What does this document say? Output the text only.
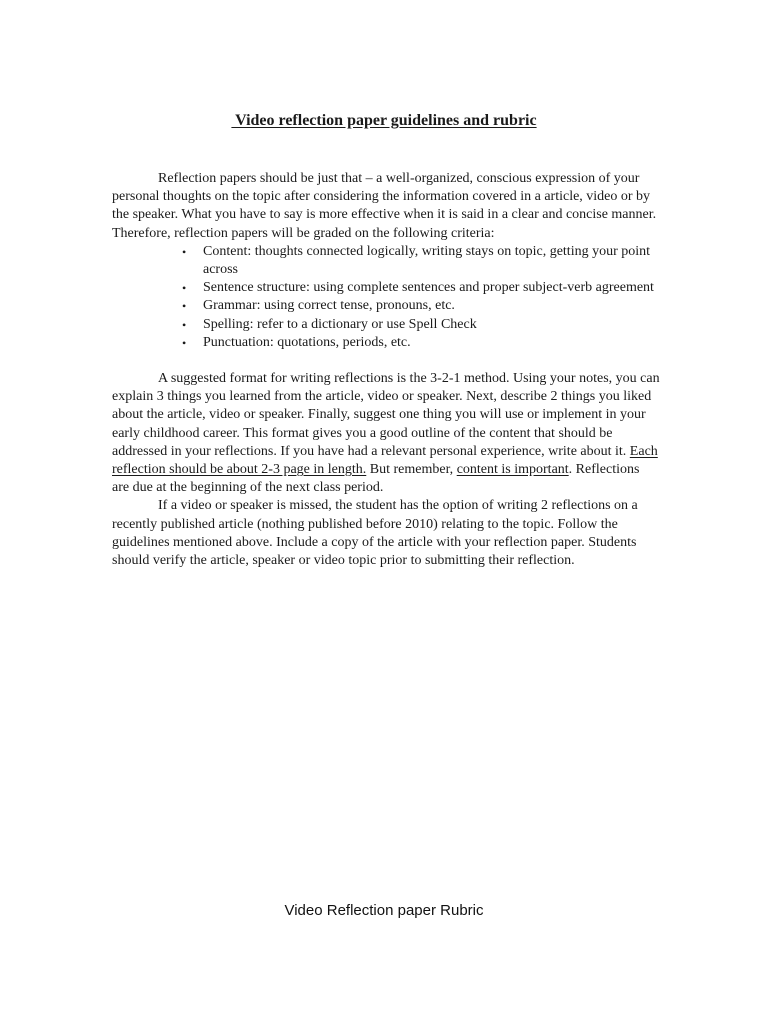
Video reflection paper guidelines and rubric

Reflection papers should be just that – a well-organized, conscious expression of your personal thoughts on the topic after considering the information covered in a article, video or by the speaker. What you have to say is more effective when it is said in a clear and concise manner. Therefore, reflection papers will be graded on the following criteria:

• Content: thoughts connected logically, writing stays on topic, getting your point across
• Sentence structure: using complete sentences and proper subject-verb agreement
• Grammar: using correct tense, pronouns, etc.
• Spelling: refer to a dictionary or use Spell Check
• Punctuation: quotations, periods, etc.

A suggested format for writing reflections is the 3-2-1 method. Using your notes, you can explain 3 things you learned from the article, video or speaker. Next, describe 2 things you liked about the article, video or speaker. Finally, suggest one thing you will use or implement in your early childhood career. This format gives you a good outline of the content that should be addressed in your reflections. If you have had a relevant personal experience, write about it. Each reflection should be about 2-3 page in length. But remember, content is important. Reflections are due at the beginning of the next class period.

If a video or speaker is missed, the student has the option of writing 2 reflections on a recently published article (nothing published before 2010) relating to the topic. Follow the guidelines mentioned above. Include a copy of the article with your reflection paper. Students should verify the article, speaker or video topic prior to submitting their reflection.

Video Reflection paper Rubric
